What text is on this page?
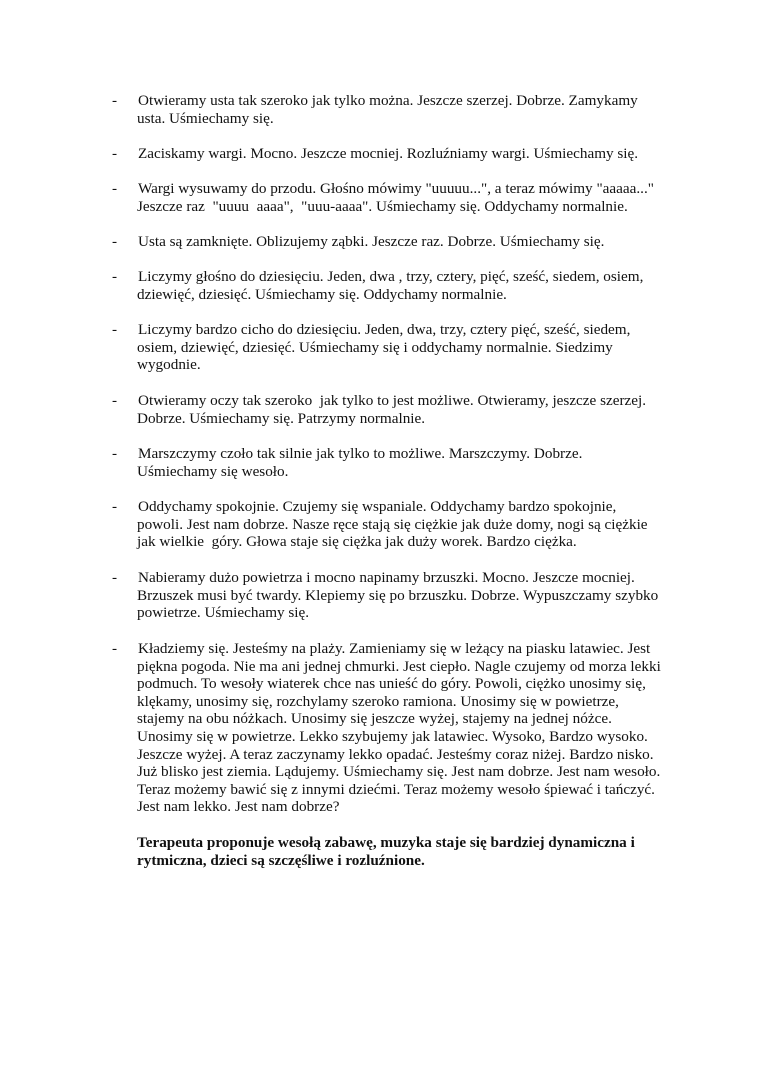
-	Otwieramy usta tak szeroko jak tylko można. Jeszcze szerzej. Dobrze. Zamykamy
usta. Uśmiechamy się.
-	Zaciskamy wargi. Mocno. Jeszcze mocniej. Rozluźniamy wargi. Uśmiechamy się.
-	Wargi wysuwamy do przodu. Głośno mówimy "uuuuu...", a teraz mówimy "aaaaa..."
Jeszcze raz  "uuuu  aaaa",  "uuu-aaaa". Uśmiechamy się. Oddychamy normalnie.
-	Usta są zamknięte. Oblizujemy ząbki. Jeszcze raz. Dobrze. Uśmiechamy się.
-	Liczymy głośno do dziesięciu. Jeden, dwa , trzy, cztery, pięć, sześć, siedem, osiem,
dziewięć, dziesięć. Uśmiechamy się. Oddychamy normalnie.
-	Liczymy bardzo cicho do dziesięciu. Jeden, dwa, trzy, cztery pięć, sześć, siedem,
osiem, dziewięć, dziesięć. Uśmiechamy się i oddychamy normalnie. Siedzimy
wygodnie.
-	Otwieramy oczy tak szeroko  jak tylko to jest możliwe. Otwieramy, jeszcze szerzej.
Dobrze. Uśmiechamy się. Patrzymy normalnie.
-	Marszczymy czoło tak silnie jak tylko to możliwe. Marszczymy. Dobrze.
Uśmiechamy się wesoło.
-	Oddychamy spokojnie. Czujemy się wspaniale. Oddychamy bardzo spokojnie,
powoli. Jest nam dobrze. Nasze ręce stają się ciężkie jak duże domy, nogi są ciężkie
jak wielkie  góry. Głowa staje się ciężka jak duży worek. Bardzo ciężka.
-	Nabieramy dużo powietrza i mocno napinamy brzuszki. Mocno. Jeszcze mocniej.
Brzuszek musi być twardy. Klepiemy się po brzuszku. Dobrze. Wypuszczamy szybko
powietrze. Uśmiechamy się.
-	Kładziemy się. Jesteśmy na plaży. Zamieniamy się w leżący na piasku latawiec. Jest
piękna pogoda. Nie ma ani jednej chmurki. Jest ciepło. Nagle czujemy od morza lekki
podmuch. To wesoły wiaterek chce nas unieść do góry. Powoli, ciężko unosimy się,
klękamy, unosimy się, rozchylamy szeroko ramiona. Unosimy się w powietrze,
stajemy na obu nóżkach. Unosimy się jeszcze wyżej, stajemy na jednej nóżce.
Unosimy się w powietrze. Lekko szybujemy jak latawiec. Wysoko, Bardzo wysoko.
Jeszcze wyżej. A teraz zaczynamy lekko opadać. Jesteśmy coraz niżej. Bardzo nisko.
Już blisko jest ziemia. Lądujemy. Uśmiechamy się. Jest nam dobrze. Jest nam wesoło.
Teraz możemy bawić się z innymi dziećmi. Teraz możemy wesoło śpiewać i tańczyć.
Jest nam lekko. Jest nam dobrze?
Terapeuta proponuje wesołą zabawę, muzyka staje się bardziej dynamiczna i
rytmiczna, dzieci są szczęśliwe i rozluźnione.
